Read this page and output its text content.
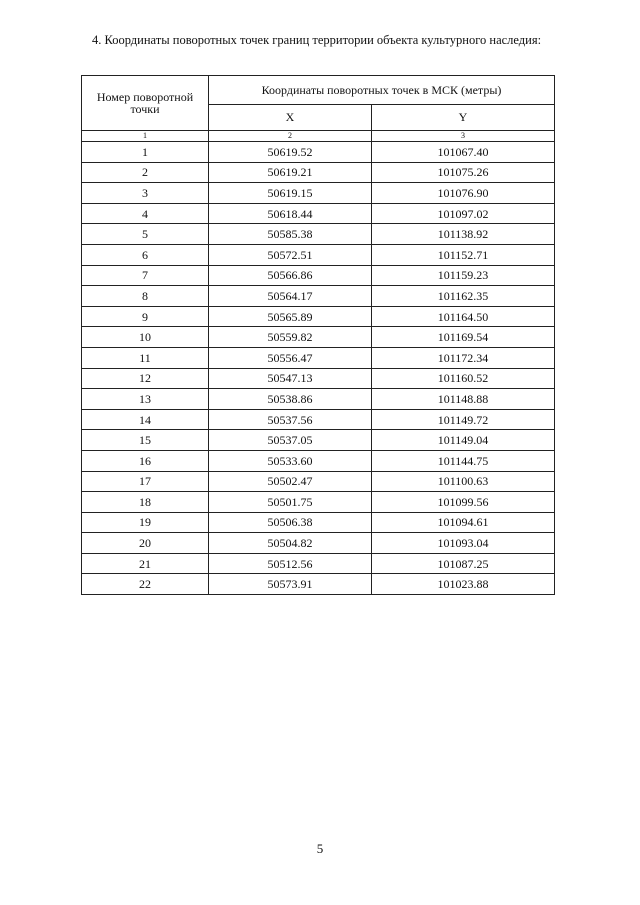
4. Координаты поворотных точек границ территории объекта культурного наследия:
Номер поворотной точки	Координаты поворотных точек в МСК (метры)	
	X	Y
1	2	3
1	50619.52	101067.40
2	50619.21	101075.26
3	50619.15	101076.90
4	50618.44	101097.02
5	50585.38	101138.92
6	50572.51	101152.71
7	50566.86	101159.23
8	50564.17	101162.35
9	50565.89	101164.50
10	50559.82	101169.54
11	50556.47	101172.34
12	50547.13	101160.52
13	50538.86	101148.88
14	50537.56	101149.72
15	50537.05	101149.04
16	50533.60	101144.75
17	50502.47	101100.63
18	50501.75	101099.56
19	50506.38	101094.61
20	50504.82	101093.04
21	50512.56	101087.25
22	50573.91	101023.88
5
